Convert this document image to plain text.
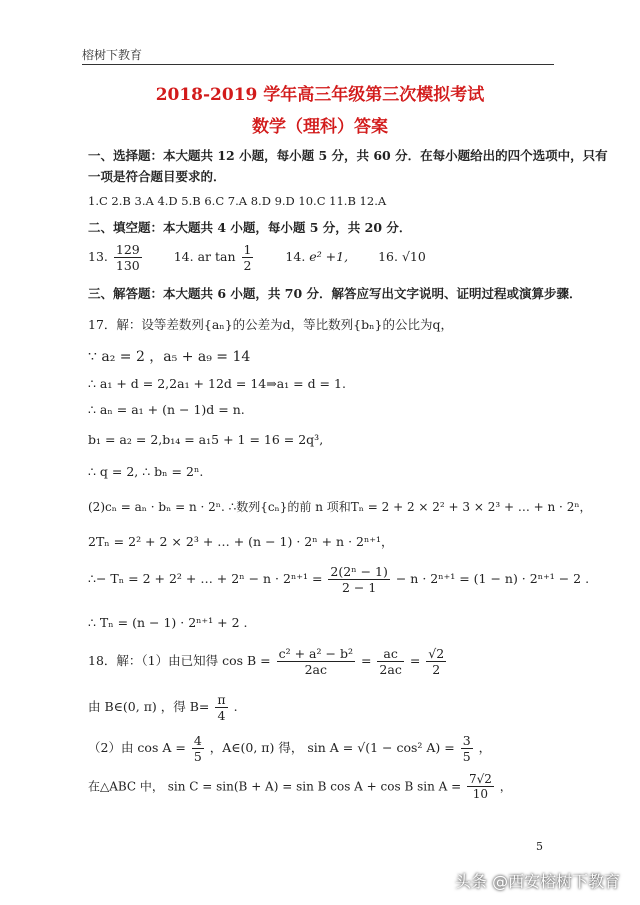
榕树下教育
2018-2019 学年高三年级第三次模拟考试
数学（理科）答案
一、选择题：本大题共 12 小题，每小题 5 分，共 60 分．在每小题给出的四个选项中，只有
一项是符合题目要求的．
1.C 2.B 3.A 4.D 5.B 6.C 7.A 8.D 9.D 10.C 11.B 12.A
二、填空题：本大题共 4 小题，每小题 5 分，共 20 分．
13. $\frac{129}{130}$	14. ar $\tan \frac{1}{2}$	14. e² +1, 16. √10
三、解答题：本大题共 6 小题，共 70 分．解答应写出文字说明、证明过程或演算步骤．
17．解：设等差数列{aₙ}的公差为d，等比数列{bₙ}的公比为q，
∵ a₂ = 2 ，a₅ + a₉ = 14
∴ a₁ + d = 2,2a₁ + 12d = 14⇒a₁ = d = 1.
∴ aₙ = a₁ + (n − 1)d = n.
b₁ = a₂ = 2,b₁₄ = a₁5 + 1 = 16 = 2q³,
∴ q = 2, ∴ bₙ = 2ⁿ.
(2)cₙ = aₙ · bₙ = n · 2ⁿ. ∴数列{cₙ}的前 n 项和Tₙ = 2 + 2 × 2² + 3 × 2³ + … + n · 2ⁿ，
2Tₙ = 2² + 2 × 2³ + … + (n − 1) · 2ⁿ + n · 2ⁿ⁺¹，
∴− Tₙ = 2 + 2² + … + $2^n - n \cdot 2^{n+1} = \frac{\text{2(2ⁿ − 1)}}{2 - 1} - n \cdot 2^{n+1} = (1 - n) \cdot 2^{n+1} - 2$ .
∴ Tₙ = (n − 1) · 2ⁿ⁺¹ + 2 .
18．解：（1）由已知得 $\cos B = \frac{\text{c² + a² − b²}}{2ac} = \frac{ac}{2ac} = \frac{√2}{2}$
由 B∈(0, π) ，得 $B= \frac{\pi}{4}$ .
（2）由 $\cos A = \frac{4}{5}$ ，A∈(0, π) 得， sin A = √(1 − cos² $A) = \frac{3}{5}$ ，
在△ABC 中， sin C = sin(B + A) = sin B cos A + cos B $\sin A = \frac{7√2}{10}$ ，
5
头条 @西安榕树下教育
